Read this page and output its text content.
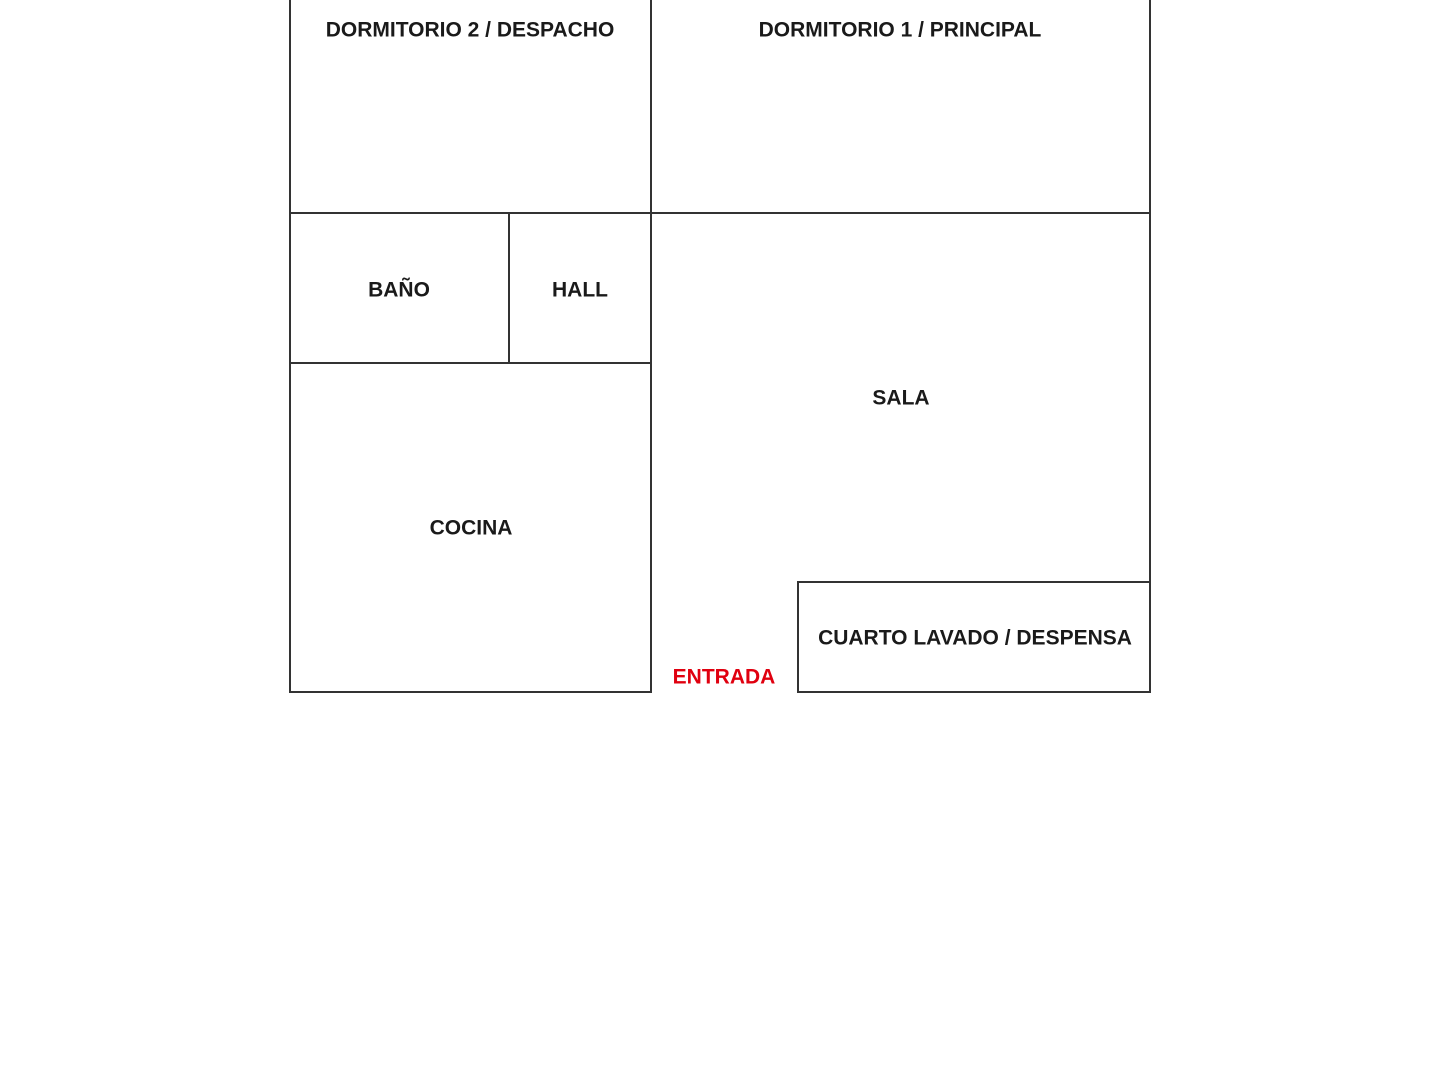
DORMITORIO 2 / DESPACHO	DORMITORIO 1 / PRINCIPAL
BAÑO	HALL
SALA
COCINA
CUARTO LAVADO / DESPENSA
ENTRADA
